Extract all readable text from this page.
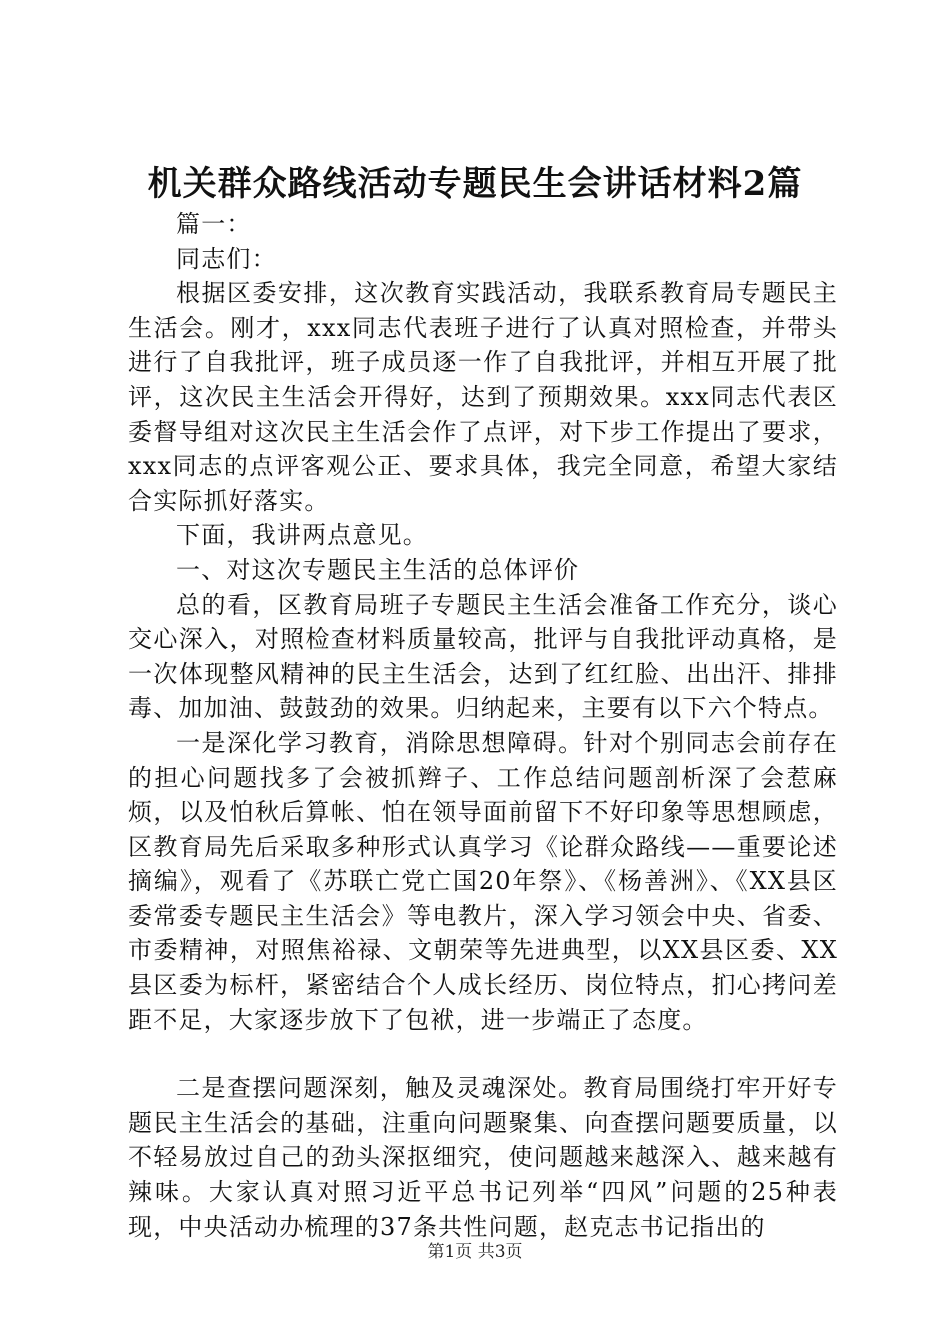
机关群众路线活动专题民生会讲话材料2篇

篇一：

同志们：

根据区委安排，这次教育实践活动，我联系教育局专题民主生活会。刚才，xxx同志代表班子进行了认真对照检查，并带头进行了自我批评，班子成员逐一作了自我批评，并相互开展了批评，这次民主生活会开得好，达到了预期效果。xxx同志代表区委督导组对这次民主生活会作了点评，对下步工作提出了要求，xxx同志的点评客观公正、要求具体，我完全同意，希望大家结合实际抓好落实。

下面，我讲两点意见。

一、对这次专题民主生活的总体评价

总的看，区教育局班子专题民主生活会准备工作充分，谈心交心深入，对照检查材料质量较高，批评与自我批评动真格，是一次体现整风精神的民主生活会，达到了红红脸、出出汗、排排毒、加加油、鼓鼓劲的效果。归纳起来，主要有以下六个特点。

一是深化学习教育，消除思想障碍。针对个别同志会前存在的担心问题找多了会被抓辫子、工作总结问题剖析深了会惹麻烦，以及怕秋后算帐、怕在领导面前留下不好印象等思想顾虑，区教育局先后采取多种形式认真学习《论群众路线——重要论述摘编》，观看了《苏联亡党亡国20年祭》、《杨善洲》、《XX县区委常委专题民主生活会》等电教片，深入学习领会中央、省委、市委精神，对照焦裕禄、文朝荣等先进典型，以XX县区委、XX县区委为标杆，紧密结合个人成长经历、岗位特点，扪心拷问差距不足，大家逐步放下了包袱，进一步端正了态度。

二是查摆问题深刻，触及灵魂深处。教育局围绕打牢开好专题民主生活会的基础，注重向问题聚集、向查摆问题要质量，以不轻易放过自己的劲头深抠细究，使问题越来越深入、越来越有辣味。大家认真对照习近平总书记列举“四风”问题的25种表现，中央活动办梳理的37条共性问题，赵克志书记指出的

第1页 共3页
